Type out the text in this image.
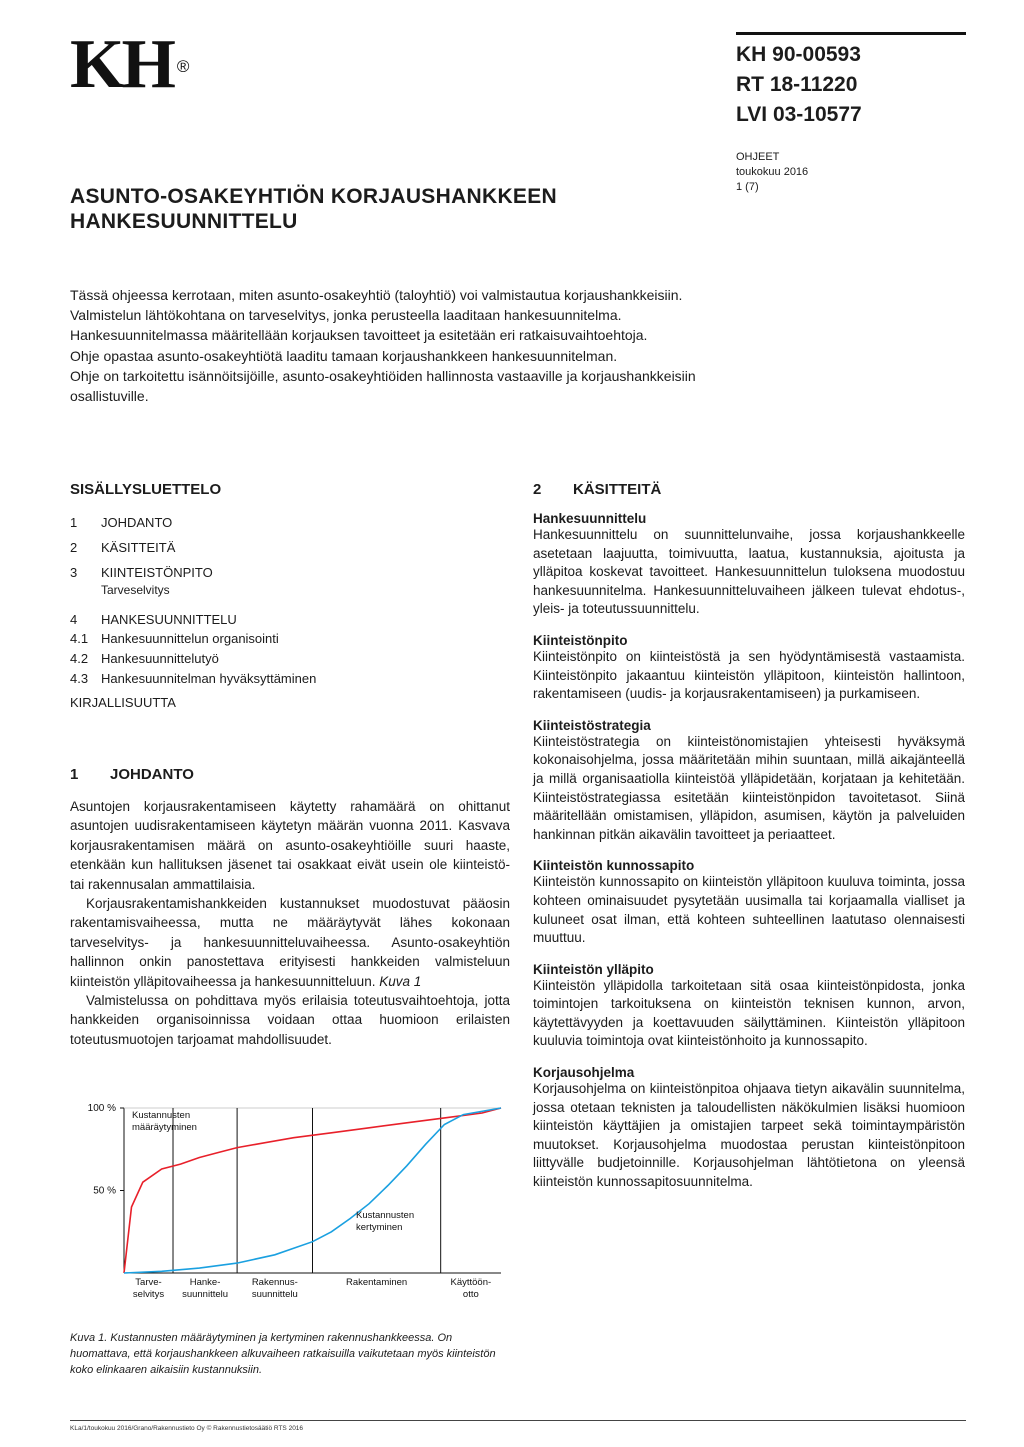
KH ®
KH 90-00593
RT 18-11220
LVI 03-10577
OHJEET
toukokuu 2016
1 (7)
ASUNTO-OSAKEYHTIÖN KORJAUSHANKKEEN
HANKESUUNNITTELU

Tässä ohjeessa kerrotaan, miten asunto-osakeyhtiö (taloyhtiö) voi valmistautua korjaushankkeisiin. Valmistelun lähtökohtana on tarveselvitys, jonka perusteella laaditaan hankesuunnitelma. Hankesuunnitelmassa määritellään korjauksen tavoitteet ja esitetään eri ratkaisuvaihtoehtoja.

Ohje opastaa asunto-osakeyhtiötä laaditu tamaan korjaushankkeen hankesuunnitelman.

Ohje on tarkoitettu isännöitsijöille, asunto-osakeyhtiöiden hallinnosta vastaaville ja korjaushankkeisiin osallistuville.

SISÄLLYSLUETTELO
1	JOHDANTO
2	KÄSITTEITÄ
3	KIINTEISTÖNPITO
Tarveselvitys
4	HANKESUUNNITTELU
4.1 Hankesuunnittelun organisointi
4.2 Hankesuunnittelutyö
4.3 Hankesuunnitelman hyväksyttäminen
KIRJALLISUUTTA
1 JOHDANTO

Asuntojen korjausrakentamiseen käytetty rahamäärä on ohittanut asuntojen uudisrakentamiseen käytetyn määrän vuonna 2011. Kasvava korjausrakentamisen määrä on asunto-osakeyhtiöille suuri haaste, etenkään kun hallituksen jäsenet tai osakkaat eivät usein ole kiinteistö- tai rakennusalan ammattilaisia.

Korjausrakentamishankkeiden kustannukset muodostuvat pääosin rakentamisvaiheessa, mutta ne määräytyvät lähes kokonaan tarveselvitys- ja hankesuunnitteluvaiheessa. Asunto-osakeyhtiön hallinnon onkin panostettava erityisesti hankkeiden valmisteluun kiinteistön ylläpitovaiheessa ja hankesuunnitteluun. Kuva 1

Valmistelussa on pohdittava myös erilaisia toteutusvaihtoehtoja, jotta hankkeiden organisoinnissa voidaan ottaa huomioon erilaisten toteutusmuotojen tarjoamat mahdollisuudet.

100 %
50 %
Tarve-selvitys
Hanke-suunnittelu
Rakennus-suunnittelu
Rakentaminen	Käyttöön-otto
Kustannusten määräytyminen
Kustannusten kertyminen
Kuva 1. Kustannusten määräytyminen ja kertyminen rakennushankkeessa. On huomattava, että korjaushankkeen alkuvaiheen ratkaisuilla vaikutetaan myös kiinteistön koko elinkaaren aikaisiin kustannuksiin.
2 KÄSITTEITÄ
Hankesuunnittelu

Hankesuunnittelu on suunnittelunvaihe, jossa korjaushankkeelle asetetaan laajuutta, toimivuutta, laatua, kustannuksia, ajoitusta ja ylläpitoa koskevat tavoitteet. Hankesuunnittelun tuloksena muodostuu hankesuunnitelma. Hankesuunnitteluvaiheen jälkeen tulevat ehdotus-, yleis- ja toteutussuunnittelu.

Kiinteistönpito

Kiinteistönpito on kiinteistöstä ja sen hyödyntämisestä vastaamista. Kiinteistönpito jakaantuu kiinteistön ylläpitoon, kiinteistön hallintoon, rakentamiseen (uudis- ja korjausrakentamiseen) ja purkamiseen.

Kiinteistöstrategia

Kiinteistöstrategia on kiinteistönomistajien yhteisesti hyväksymä kokonaisohjelma, jossa määritetään mihin suuntaan, millä aikajänteellä ja millä organisaatiolla kiinteistöä ylläpidetään, korjataan ja kehitetään. Kiinteistöstrategiassa esitetään kiinteistönpidon tavoitetasot. Siinä määritellään omistamisen, ylläpidon, asumisen, käytön ja palveluiden hankinnan pitkän aikavälin tavoitteet ja periaatteet.

Kiinteistön kunnossapito

Kiinteistön kunnossapito on kiinteistön ylläpitoon kuuluva toiminta, jossa kohteen ominaisuudet pysytetään uusimalla tai korjaamalla vialliset ja kuluneet osat ilman, että kohteen suhteellinen laatutaso olennaisesti muuttuu.

Kiinteistön ylläpito

Kiinteistön ylläpidolla tarkoitetaan sitä osaa kiinteistönpidosta, jonka toimintojen tarkoituksena on kiinteistön teknisen kunnon, arvon, käytettävyyden ja koettavuuden säilyttäminen. Kiinteistön ylläpitoon kuuluvia toimintoja ovat kiinteistönhoito ja kunnossapito.

Korjausohjelma

Korjausohjelma on kiinteistönpitoa ohjaava tietyn aikavälin suunnitelma, jossa otetaan teknisten ja taloudellisten näkökulmien lisäksi huomioon kiinteistön käyttäjien ja omistajien tarpeet sekä toimintaympäristön muutokset. Korjausohjelma muodostaa perustan kiinteistönpitoon liittyvälle budjetoinnille. Korjausohjelman lähtötietona on yleensä kiinteistön kunnossapitosuunnitelma.

KLa/1/toukokuu 2016/Grano/Rakennustieto Oy © Rakennustietosäätiö RTS 2016
